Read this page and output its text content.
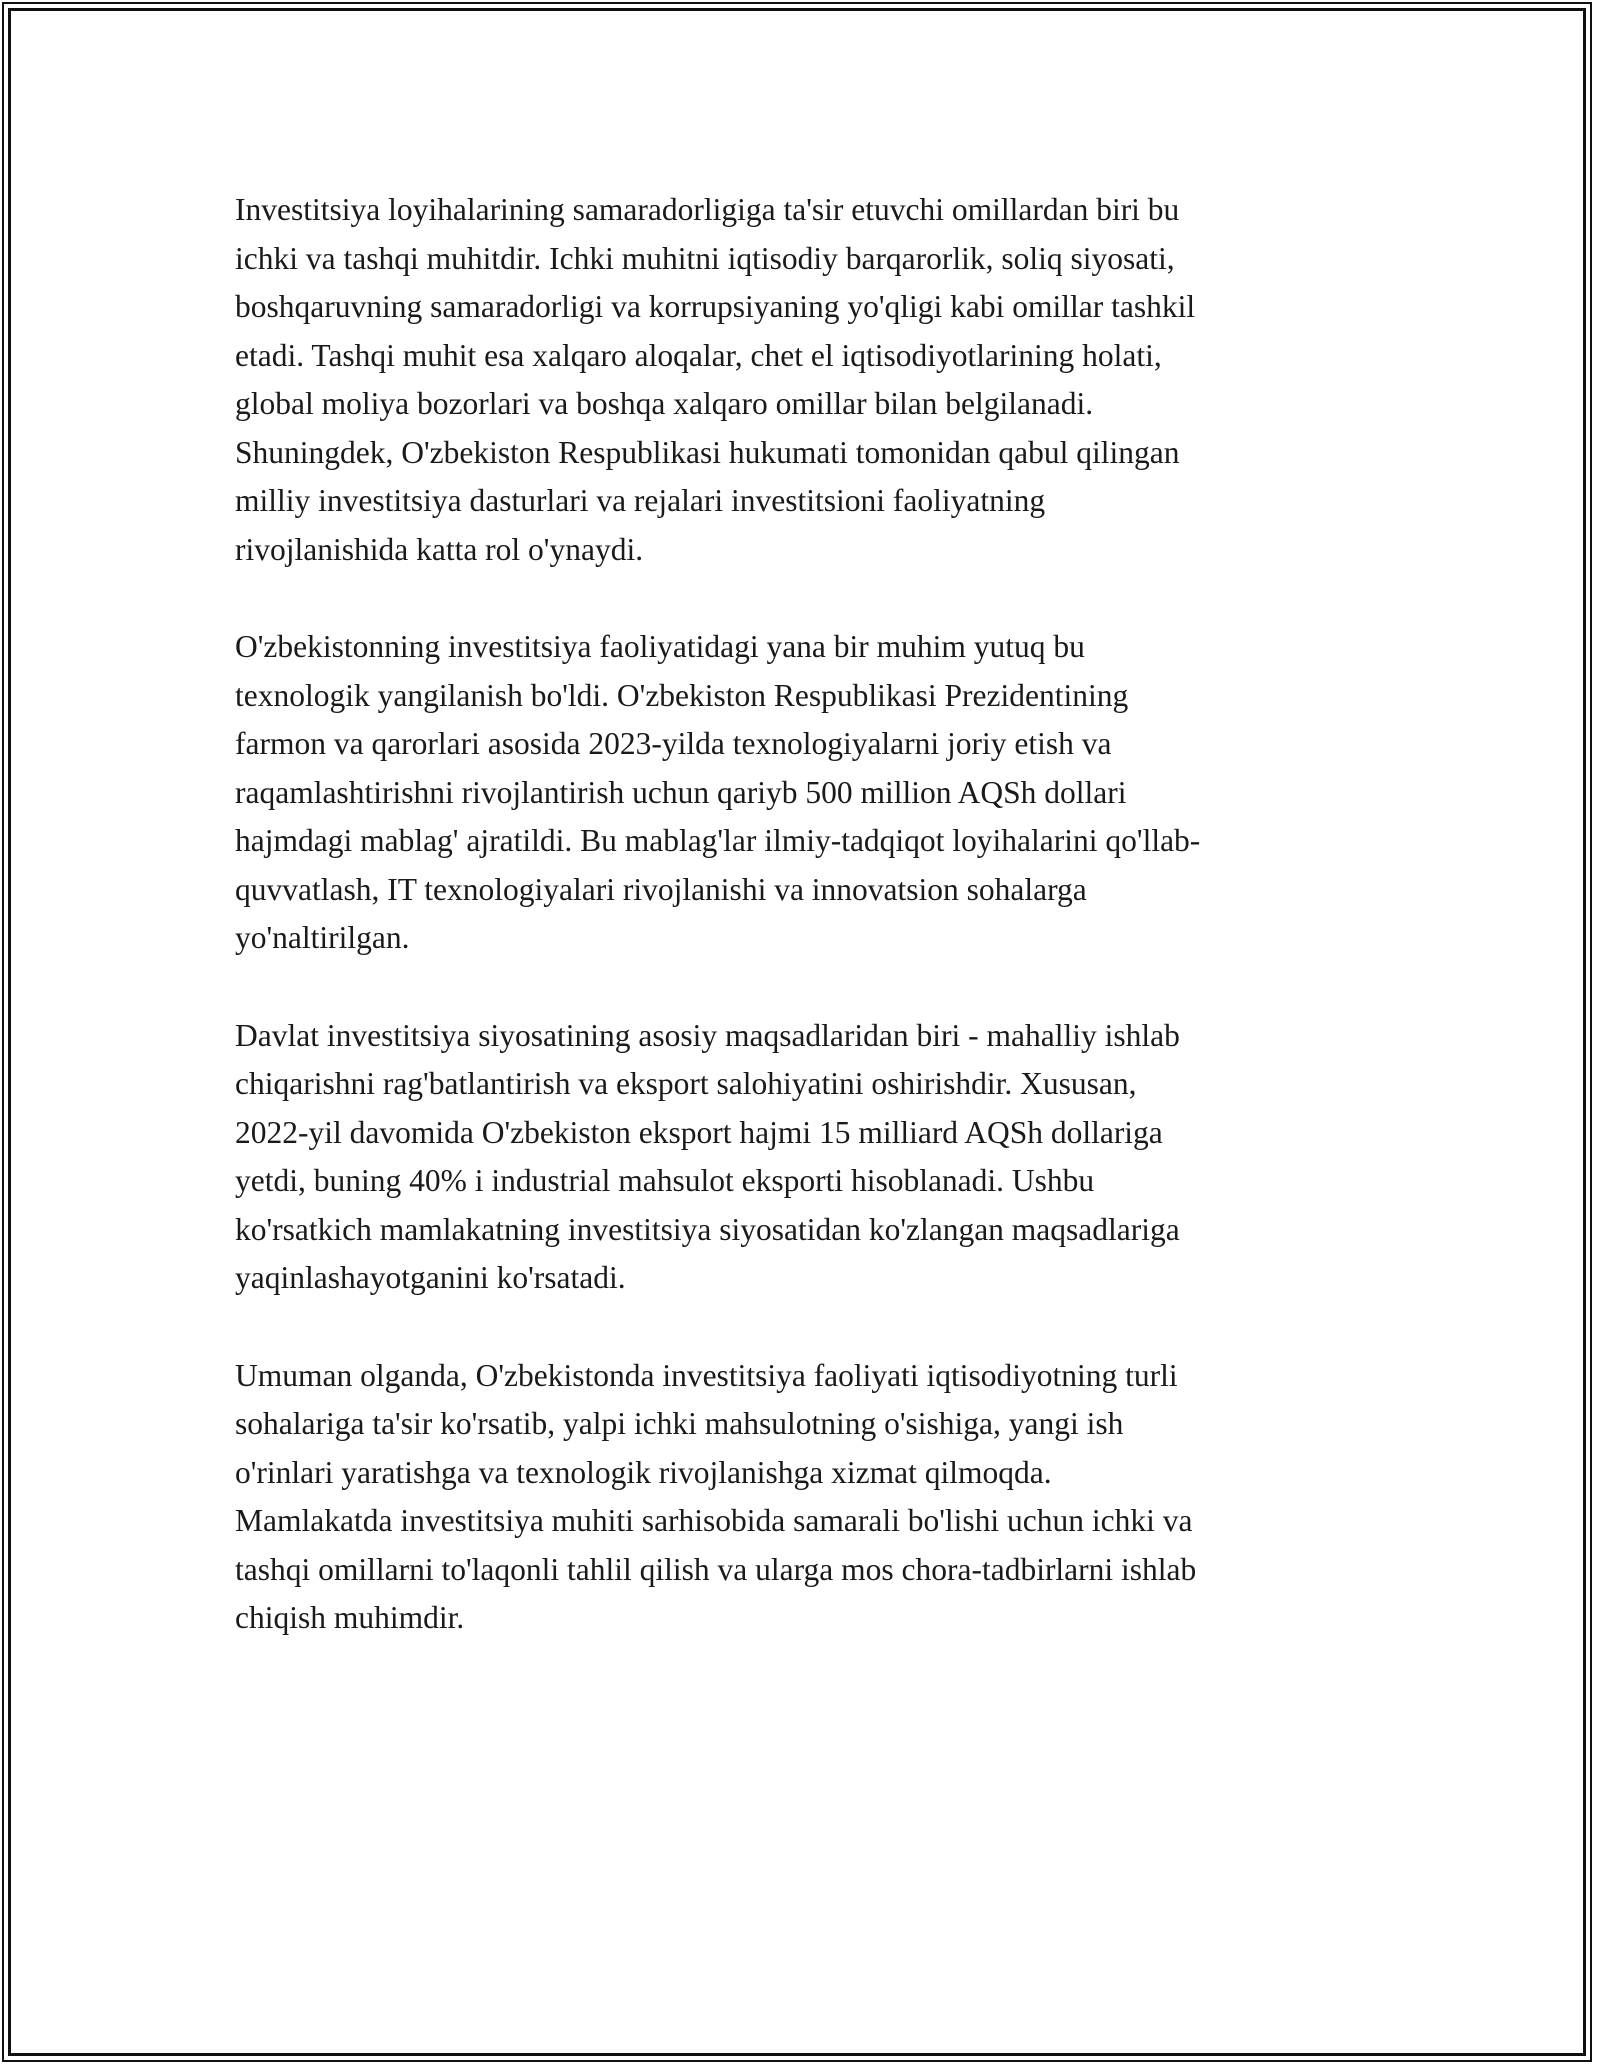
Investitsiya loyihalarining samaradorligiga ta'sir etuvchi omillardan biri bu
ichki va tashqi muhitdir. Ichki muhitni iqtisodiy barqarorlik, soliq siyosati,
boshqaruvning samaradorligi va korrupsiyaning yo'qligi kabi omillar tashkil
etadi. Tashqi muhit esa xalqaro aloqalar, chet el iqtisodiyotlarining holati,
global moliya bozorlari va boshqa xalqaro omillar bilan belgilanadi.
Shuningdek, O'zbekiston Respublikasi hukumati tomonidan qabul qilingan
milliy investitsiya dasturlari va rejalari investitsioni faoliyatning
rivojlanishida katta rol o'ynaydi.

O'zbekistonning investitsiya faoliyatidagi yana bir muhim yutuq bu
texnologik yangilanish bo'ldi. O'zbekiston Respublikasi Prezidentining
farmon va qarorlari asosida 2023-yilda texnologiyalarni joriy etish va
raqamlashtirishni rivojlantirish uchun qariyb 500 million AQSh dollari
hajmdagi mablag' ajratildi. Bu mablag'lar ilmiy-tadqiqot loyihalarini qo'llab-
quvvatlash, IT texnologiyalari rivojlanishi va innovatsion sohalarga
yo'naltirilgan.

Davlat investitsiya siyosatining asosiy maqsadlaridan biri - mahalliy ishlab
chiqarishni rag'batlantirish va eksport salohiyatini oshirishdir. Xususan,
2022-yil davomida O'zbekiston eksport hajmi 15 milliard AQSh dollariga
yetdi, buning 40% i industrial mahsulot eksporti hisoblanadi. Ushbu
ko'rsatkich mamlakatning investitsiya siyosatidan ko'zlangan maqsadlariga
yaqinlashayotganini ko'rsatadi.

Umuman olganda, O'zbekistonda investitsiya faoliyati iqtisodiyotning turli
sohalariga ta'sir ko'rsatib, yalpi ichki mahsulotning o'sishiga, yangi ish
o'rinlari yaratishga va texnologik rivojlanishga xizmat qilmoqda.
Mamlakatda investitsiya muhiti sarhisobida samarali bo'lishi uchun ichki va
tashqi omillarni to'laqonli tahlil qilish va ularga mos chora-tadbirlarni ishlab
chiqish muhimdir.
